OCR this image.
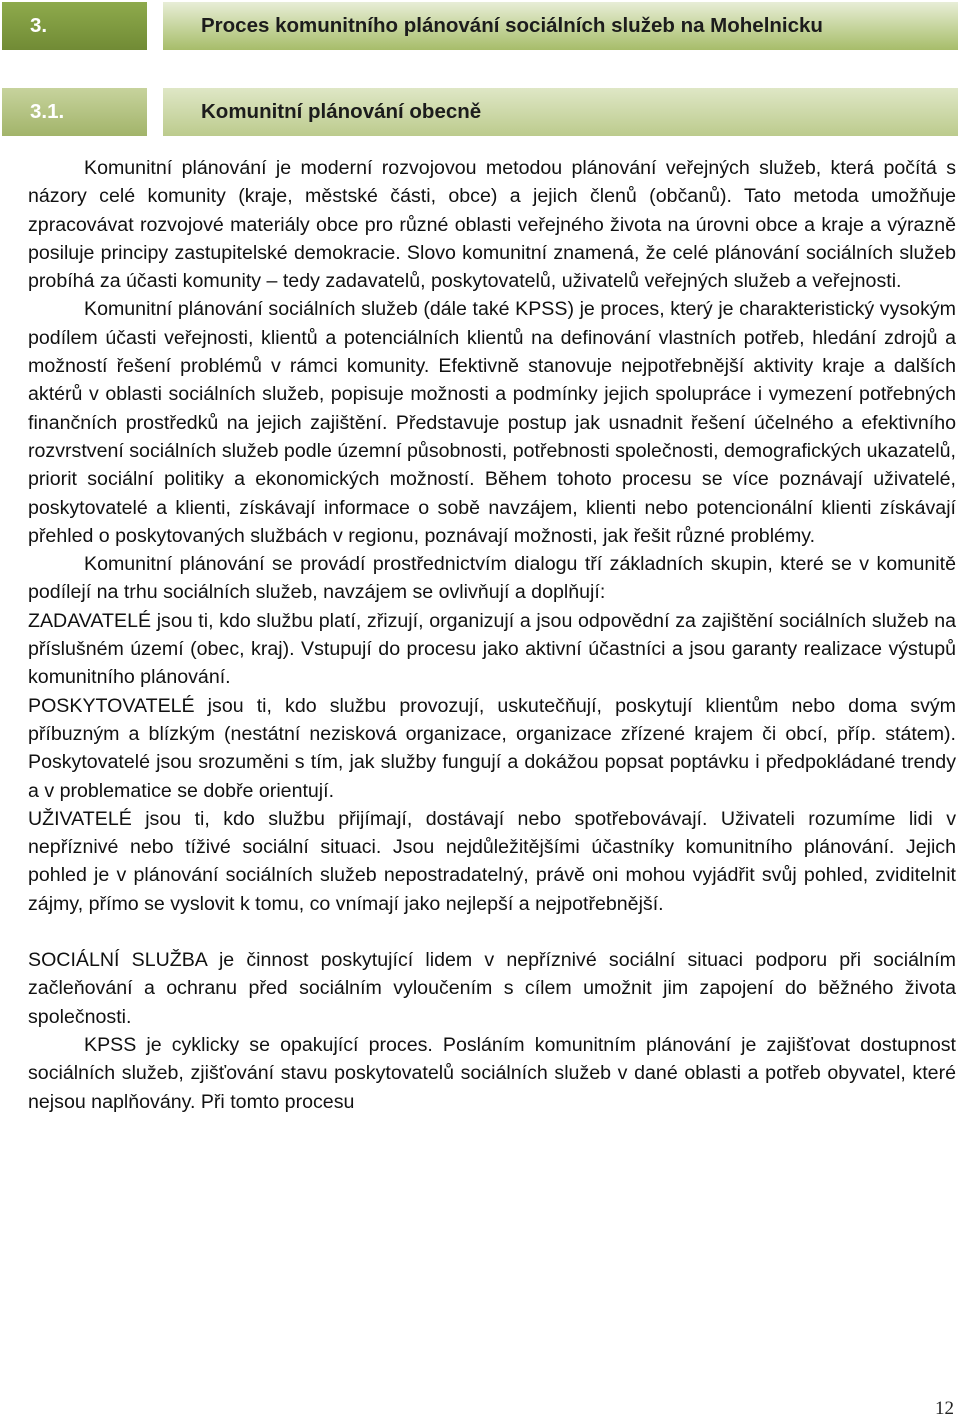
3.	Proces komunitního plánování sociálních služeb na Mohelnicku
3.1.	Komunitní plánování obecně

Komunitní plánování je moderní rozvojovou metodou plánování veřejných služeb, která počítá s názory celé komunity (kraje, městské části, obce) a jejich členů (občanů). Tato metoda umožňuje zpracovávat rozvojové materiály obce pro různé oblasti veřejného života na úrovni obce a kraje a výrazně posiluje principy zastupitelské demokracie. Slovo komunitní znamená, že celé plánování sociálních služeb probíhá za účasti komunity – tedy zadavatelů, poskytovatelů, uživatelů veřejných služeb a veřejnosti.

Komunitní plánování sociálních služeb (dále také KPSS) je proces, který je charakteristický vysokým podílem účasti veřejnosti, klientů a potenciálních klientů na definování vlastních potřeb, hledání zdrojů a možností řešení problémů v rámci komunity. Efektivně stanovuje nejpotřebnější aktivity kraje a dalších aktérů v oblasti sociálních služeb, popisuje možnosti a podmínky jejich spolupráce i vymezení potřebných finančních prostředků na jejich zajištění. Představuje postup jak usnadnit řešení účelného a efektivního rozvrstvení sociálních služeb podle územní působnosti, potřebnosti společnosti, demografických ukazatelů, priorit sociální politiky a ekonomických možností. Během tohoto procesu se více poznávají uživatelé, poskytovatelé a klienti, získávají informace o sobě navzájem, klienti nebo potencionální klienti získávají přehled o poskytovaných službách v regionu, poznávají možnosti, jak řešit různé problémy.

Komunitní plánování se provádí prostřednictvím dialogu tří základních skupin, které se v komunitě podílejí na trhu sociálních služeb, navzájem se ovlivňují a doplňují:

ZADAVATELÉ jsou ti, kdo službu platí, zřizují, organizují a jsou odpovědní za zajištění sociálních služeb na příslušném území (obec, kraj). Vstupují do procesu jako aktivní účastníci a jsou garanty realizace výstupů komunitního plánování.

POSKYTOVATELÉ jsou ti, kdo službu provozují, uskutečňují, poskytují klientům nebo doma svým příbuzným a blízkým (nestátní nezisková organizace, organizace zřízené krajem či obcí, příp. státem). Poskytovatelé jsou srozuměni s tím, jak služby fungují a dokážou popsat poptávku i předpokládané trendy a v problematice se dobře orientují.

UŽIVATELÉ jsou ti, kdo službu přijímají, dostávají nebo spotřebovávají. Uživateli rozumíme lidi v nepříznivé nebo tíživé sociální situaci. Jsou nejdůležitějšími účastníky komunitního plánování. Jejich pohled je v plánování sociálních služeb nepostradatelný, právě oni mohou vyjádřit svůj pohled, zviditelnit zájmy, přímo se vyslovit k tomu, co vnímají jako nejlepší a nejpotřebnější.

SOCIÁLNÍ SLUŽBA je činnost poskytující lidem v nepříznivé sociální situaci podporu při sociálním začleňování a ochranu před sociálním vyloučením s cílem umožnit jim zapojení do běžného života společnosti.

KPSS je cyklicky se opakující proces. Posláním komunitním plánování je zajišťovat dostupnost sociálních služeb, zjišťování stavu poskytovatelů sociálních služeb v dané oblasti a potřeb obyvatel, které nejsou naplňovány. Při tomto procesu

12
